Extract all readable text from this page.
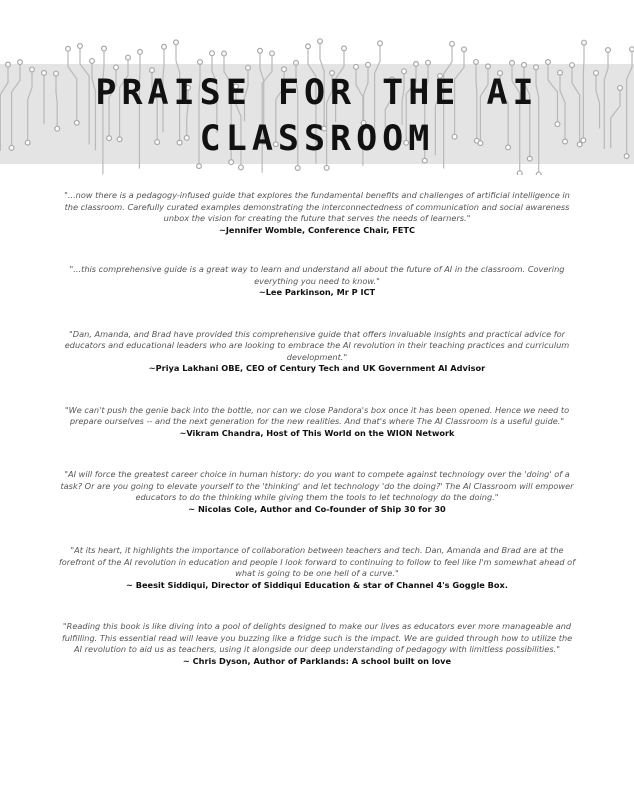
PRAISE FOR THE AI
CLASSROOM

"...now there is a pedagogy-infused guide that explores the fundamental benefits and challenges of artificial intelligence in the classroom. Carefully curated examples demonstrating the interconnectedness of communication and social awareness unbox the vision for creating the future that serves the needs of learners."

~Jennifer Womble, Conference Chair, FETC

"...this comprehensive guide is a great way to learn and understand all about the future of AI in the classroom. Covering everything you need to know."

~Lee Parkinson, Mr P ICT

"Dan, Amanda, and Brad have provided this comprehensive guide that offers invaluable insights and practical advice for educators and educational leaders who are looking to embrace the AI revolution in their teaching practices and curriculum development."

~Priya Lakhani OBE, CEO of Century Tech and UK Government AI Advisor

"We can't push the genie back into the bottle, nor can we close Pandora's box once it has been opened. Hence we need to prepare ourselves -- and the next generation for the new realities. And that's where The AI Classroom is a useful guide."

~Vikram Chandra, Host of This World on the WION Network

"AI will force the greatest career choice in human history: do you want to compete against technology over the 'doing' of a task? Or are you going to elevate yourself to the 'thinking' and let technology 'do the doing?' The AI Classroom will empower educators to do the thinking while giving them the tools to let technology do the doing."

~ Nicolas Cole, Author and Co-founder of Ship 30 for 30

"At its heart, it highlights the importance of collaboration between teachers and tech. Dan, Amanda and Brad are at the forefront of the AI revolution in education and people I look forward to continuing to follow to feel like I'm somewhat ahead of what is going to be one hell of a curve."

~ Beesit Siddiqui, Director of Siddiqui Education & star of Channel 4's Goggle Box.

"Reading this book is like diving into a pool of delights designed to make our lives as educators ever more manageable and fulfilling. This essential read will leave you buzzing like a fridge such is the impact. We are guided through how to utilize the AI revolution to aid us as teachers, using it alongside our deep understanding of pedagogy with limitless possibilities."

~ Chris Dyson, Author of Parklands: A school built on love
